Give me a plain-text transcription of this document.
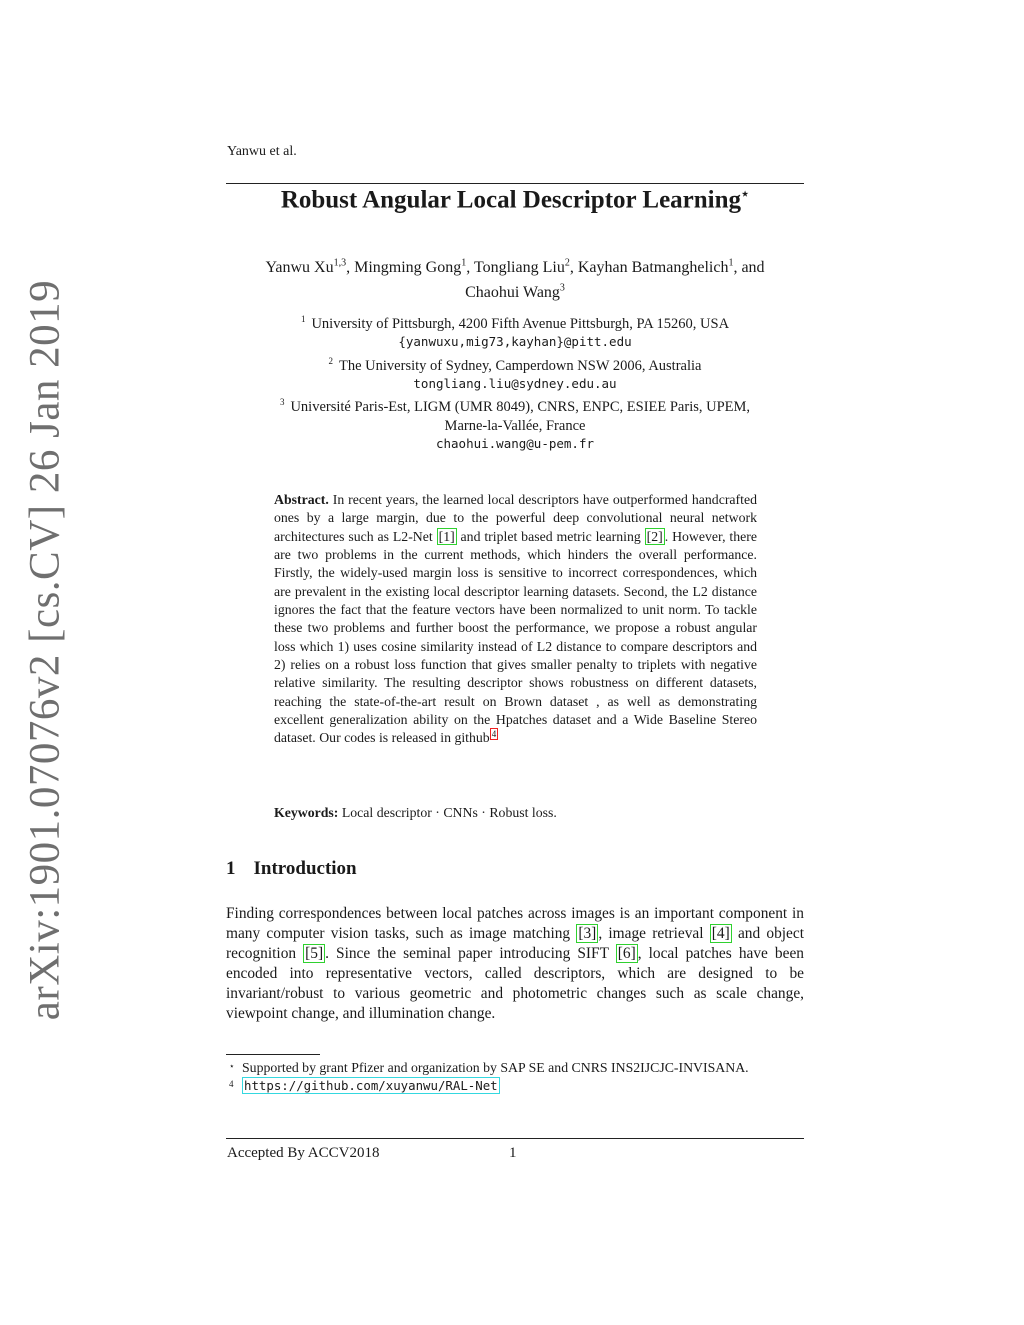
arXiv:1901.07076v2 [cs.CV] 26 Jan 2019
Yanwu et al.
Robust Angular Local Descriptor Learning⋆
Yanwu Xu$^{1,3}$, Mingming Gong$^1$, Tongliang Liu$^2$, Kayhan Batmanghelich$^1$, and
Chaohui Wang$^3$
$^1$ University of Pittsburgh, 4200 Fifth Avenue Pittsburgh, PA 15260, USA
{yanwuxu,mig73,kayhan}@pitt.edu
$^2$ The University of Sydney, Camperdown NSW 2006, Australia
tongliang.liu@sydney.edu.au
$^3$ Université Paris-Est, LIGM (UMR 8049), CNRS, ENPC, ESIEE Paris, UPEM,
Marne-la-Vallée, France
chaohui.wang@u-pem.fr
Abstract. In recent years, the learned local descriptors have outperformed handcrafted ones by a large margin, due to the powerful deep convolutional neural network architectures such as L2-Net [1] and triplet based metric learning [2] . However, there are two problems in the current methods, which hinders the overall performance. Firstly, the widely-used margin loss is sensitive to incorrect correspondences, which are prevalent in the existing local descriptor learning datasets. Second, the L2 distance ignores the fact that the feature vectors have been normalized to unit norm. To tackle these two problems and further boost the performance, we propose a robust angular loss which 1) uses cosine similarity instead of L2 distance to compare descriptors and 2) relies on a robust loss function that gives smaller penalty to triplets with negative relative similarity. The resulting descriptor shows robustness on different datasets, reaching the state-of-the-art result on Brown dataset , as well as demonstrating excellent generalization ability on the Hpatches dataset and a Wide Baseline Stereo dataset. Our codes is released in github $^4$
Keywords: Local descriptor · CNNs · Robust loss.
1 Introduction
Finding correspondences between local patches across images is an important component in many computer vision tasks, such as image matching [3] , image retrieval [4] and object recognition [5] . Since the seminal paper introducing SIFT [6] , local patches have been encoded into representative vectors, called descriptors, which are designed to be invariant/robust to various geometric and photometric changes such as scale change, viewpoint change, and illumination change.
⋆ Supported by grant Pfizer and organization by SAP SE and CNRS INS2IJCJC-INVISANA.
4 https://github.com/xuyanwu/RAL-Net
Accepted By ACCV2018	1
